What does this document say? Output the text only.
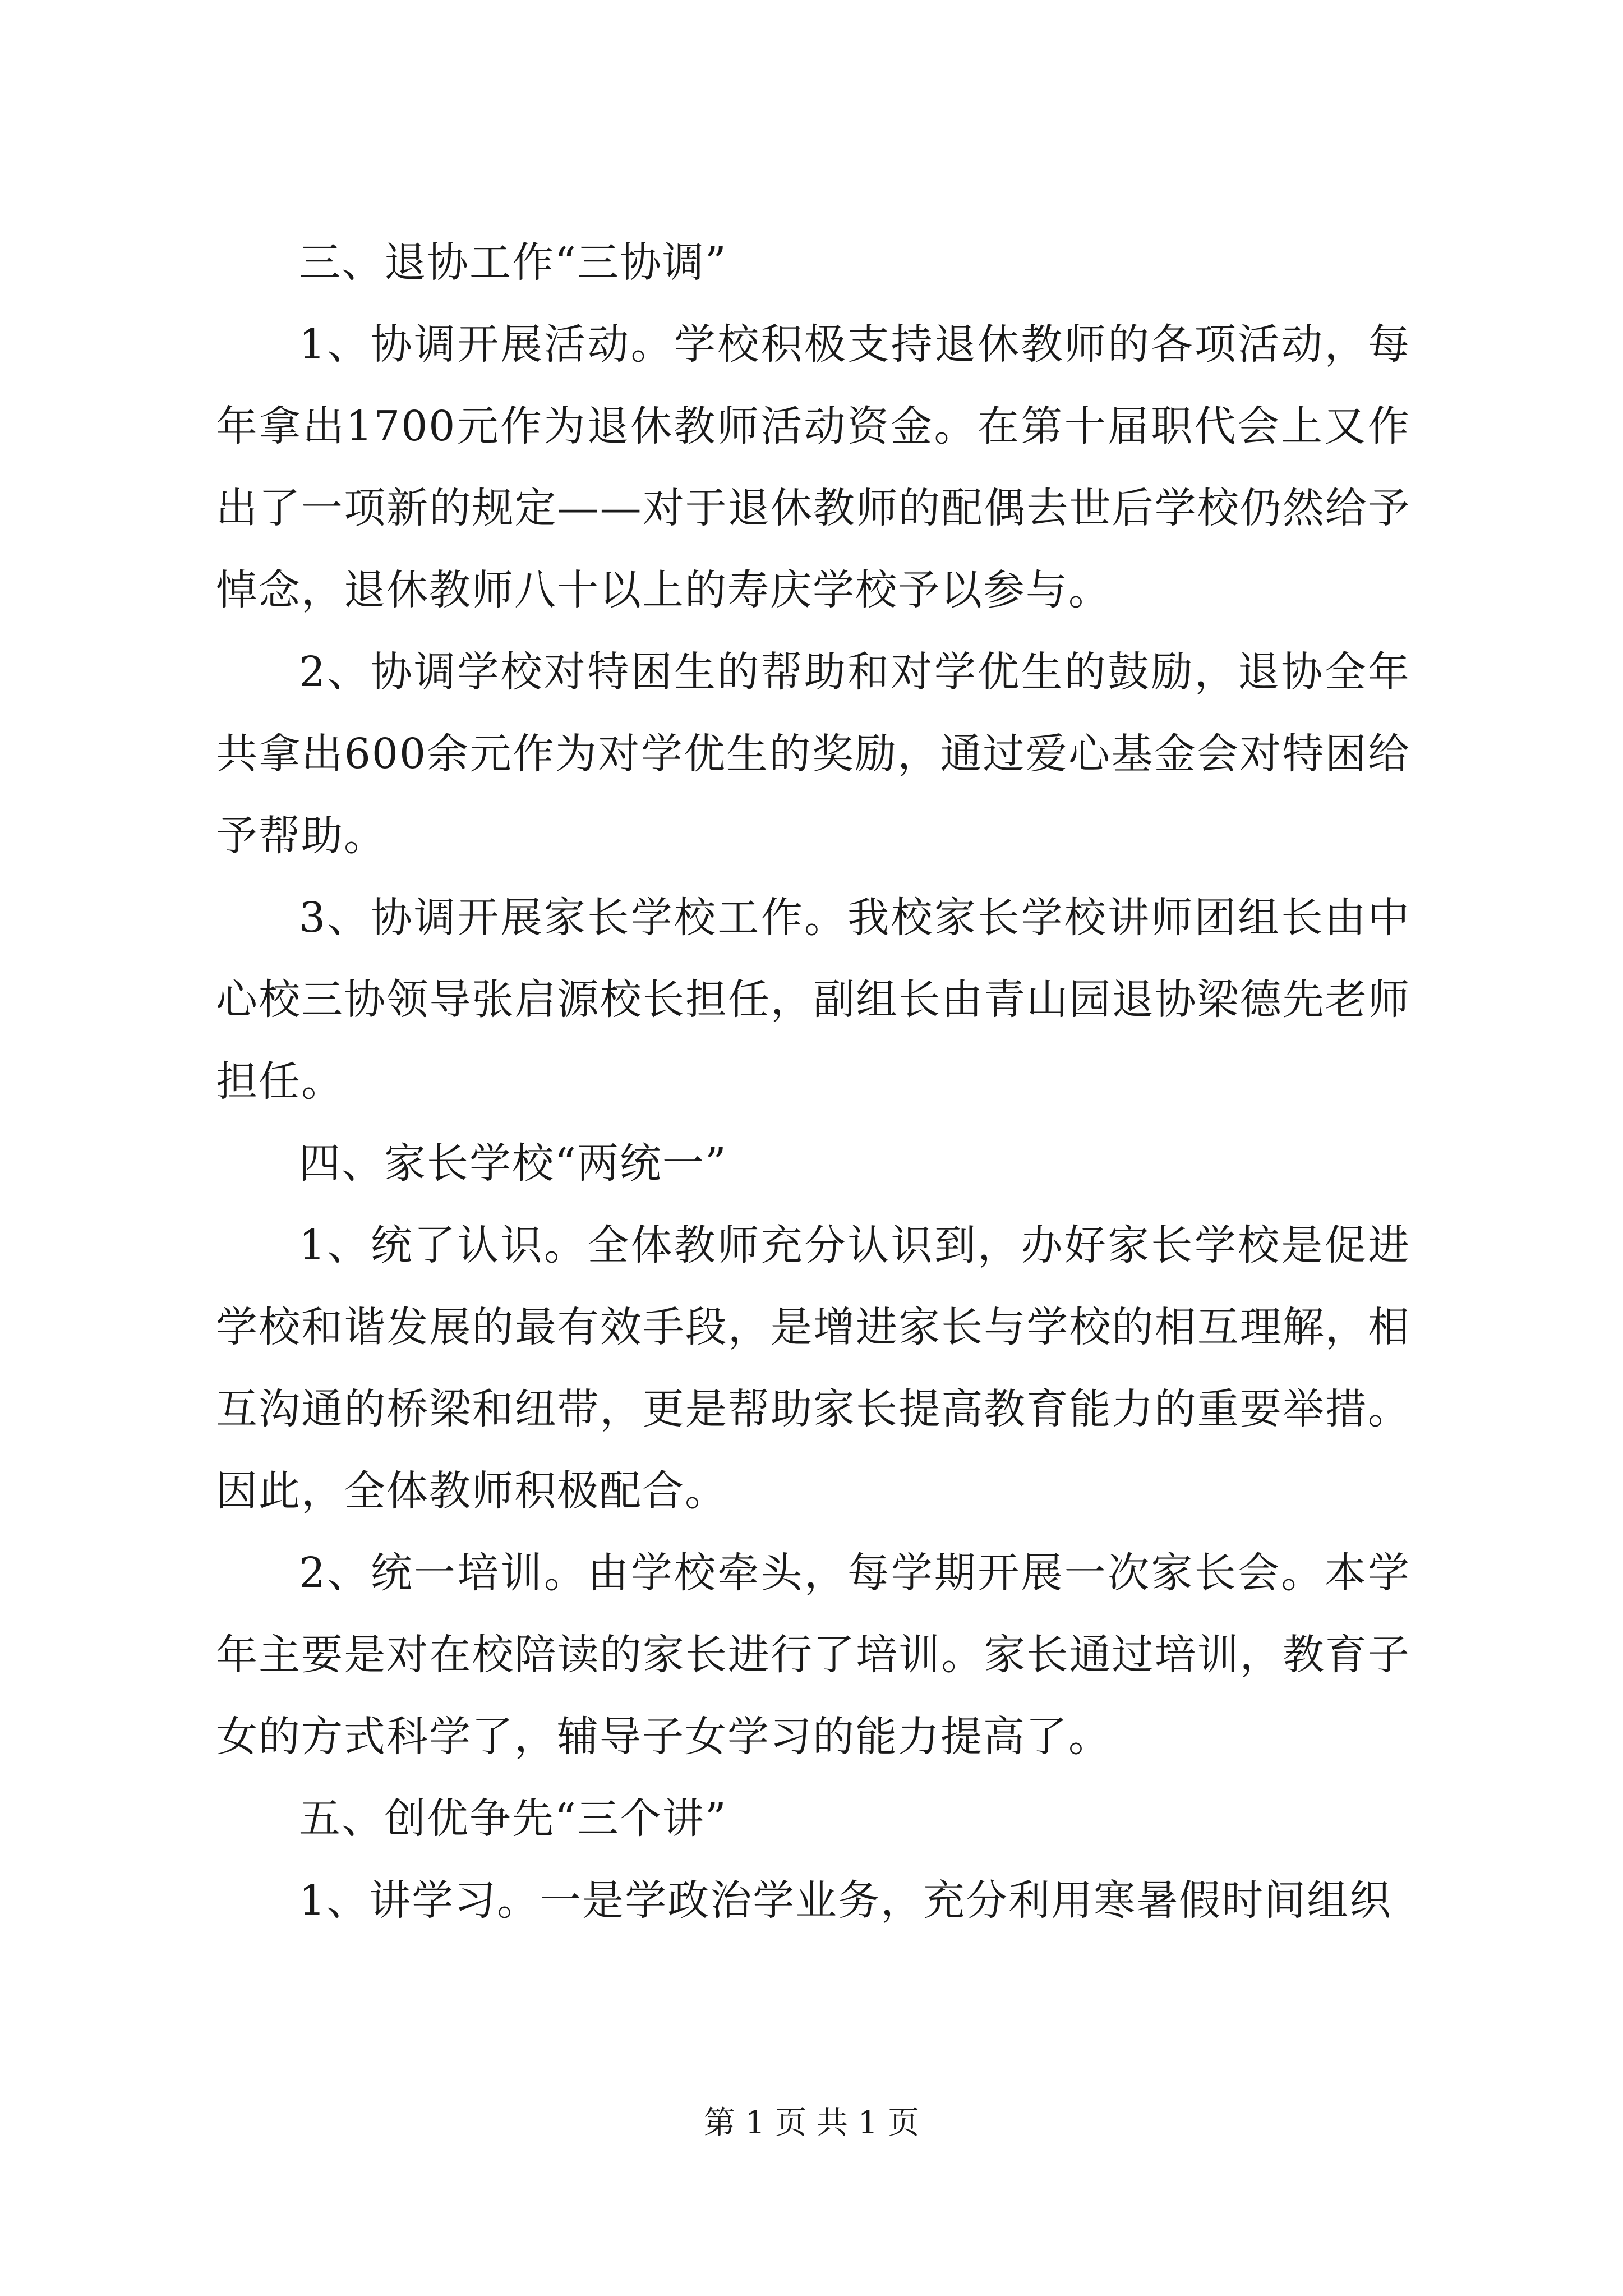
三、退协工作“三协调”

1、协调开展活动。学校积极支持退休教师的各项活动，每年拿出1700元作为退休教师活动资金。在第十届职代会上又作出了一项新的规定——对于退休教师的配偶去世后学校仍然给予悼念，退休教师八十以上的寿庆学校予以参与。

2、协调学校对特困生的帮助和对学优生的鼓励，退协全年共拿出600余元作为对学优生的奖励，通过爱心基金会对特困给予帮助。

3、协调开展家长学校工作。我校家长学校讲师团组长由中心校三协领导张启源校长担任，副组长由青山园退协梁德先老师担任。

四、家长学校“两统一”

1、统了认识。全体教师充分认识到，办好家长学校是促进学校和谐发展的最有效手段，是增进家长与学校的相互理解，相互沟通的桥梁和纽带，更是帮助家长提高教育能力的重要举措。因此，全体教师积极配合。

2、统一培训。由学校牵头，每学期开展一次家长会。本学年主要是对在校陪读的家长进行了培训。家长通过培训，教育子女的方式科学了，辅导子女学习的能力提高了。

五、创优争先“三个讲”

1、讲学习。一是学政治学业务，充分利用寒暑假时间组织

第 1 页 共 1 页
